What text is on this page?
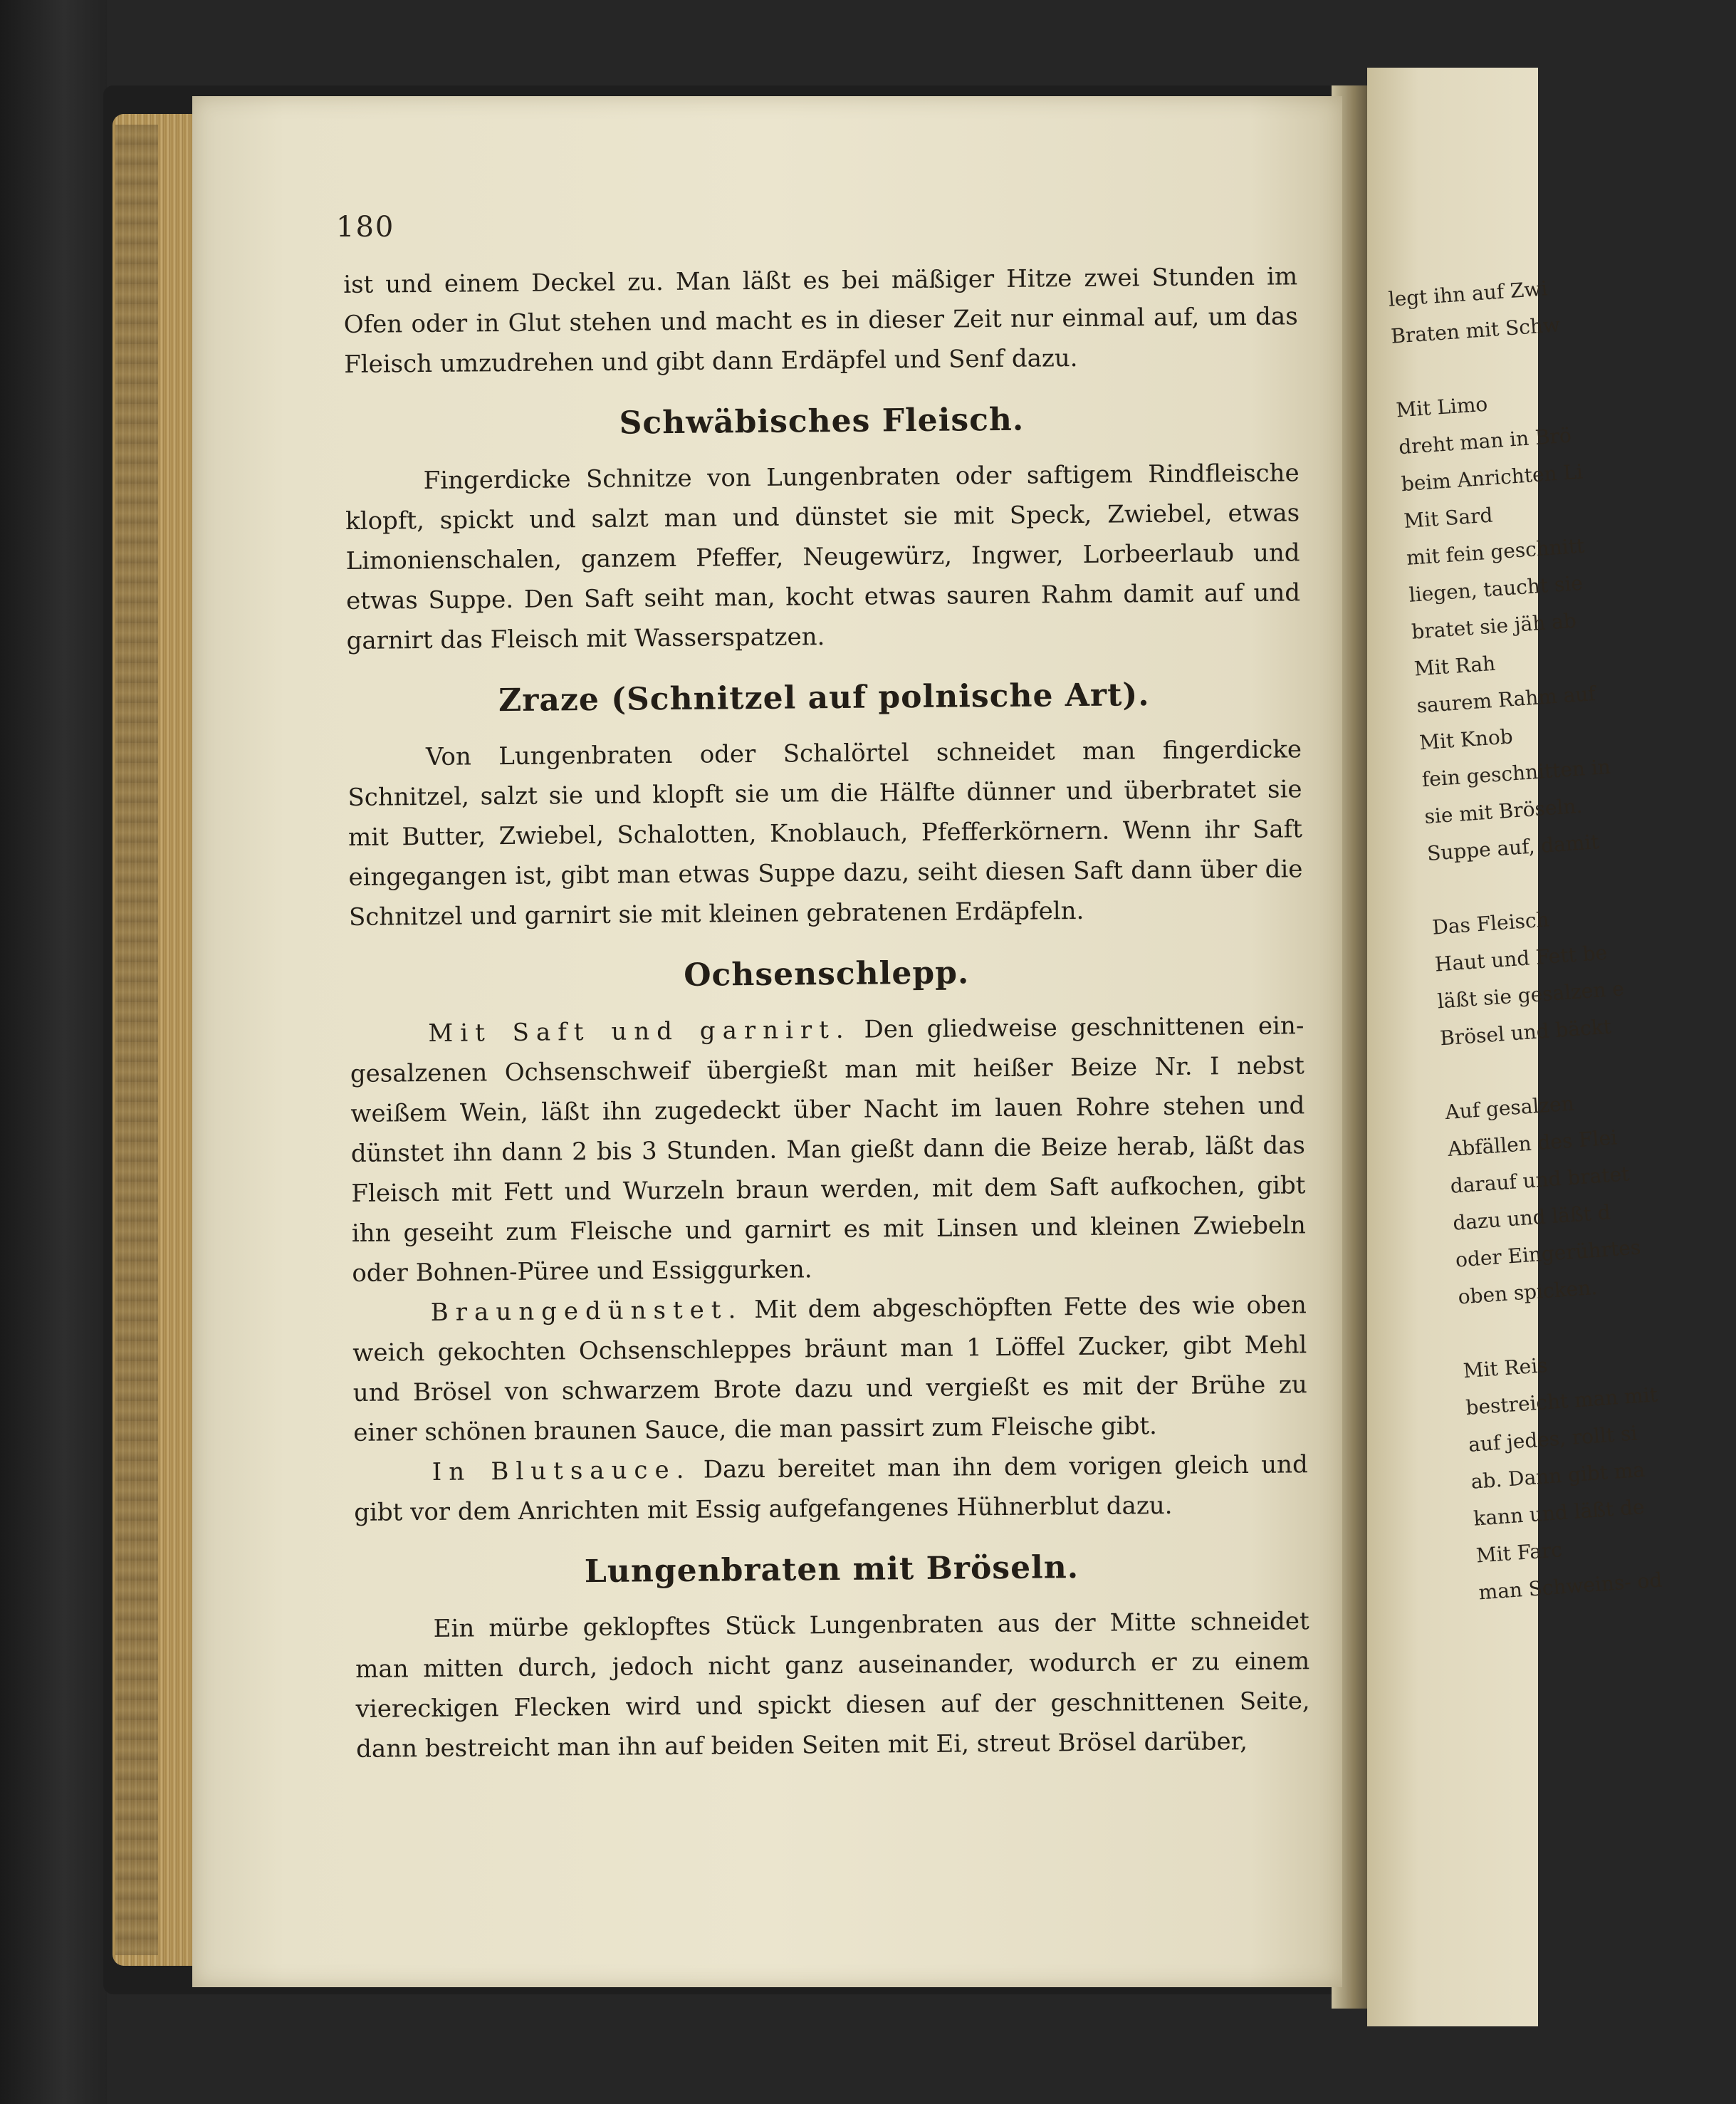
legt ihn auf Zwi
Braten mit Schw
Mit Limo
dreht man in Brö
beim Anrichten Li
Mit Sard
mit fein geschnitt
liegen, taucht sie
bratet sie jäh ab
Mit Rah
saurem Rahm auf
Mit Knob
fein geschnitten in
sie mit Bröseln.
Suppe auf, damit
Das Fleisch
Haut und Fett be
läßt sie gesalzen e
Brösel und bäckt
Auf gesalzen
Abfällen des Flei
darauf und bratet
dazu und läßt d
oder Eingerührtes
oben spicken.
Mit Reis
bestreicht man mit
auf jedes, rollt si
ab. Dann gibt ma
kann und läßt de
Mit Farc
man Schweins- od
180

ist und einem Deckel zu. Man läßt es bei mäßiger Hitze zwei Stunden im Ofen oder in Glut stehen und macht es in dieser Zeit nur einmal auf, um das Fleisch umzudrehen und gibt dann Erdäpfel und Senf dazu.

Schwäbisches Fleisch.

Fingerdicke Schnitze von Lungenbraten oder saftigem Rindfleische klopft, spickt und salzt man und dünstet sie mit Speck, Zwiebel, etwas Limonienschalen, ganzem Pfeffer, Neugewürz, Ingwer, Lorbeerlaub und etwas Suppe. Den Saft seiht man, kocht etwas sauren Rahm damit auf und garnirt das Fleisch mit Wasserspatzen.

Zraze (Schnitzel auf polnische Art).

Von Lungenbraten oder Schalörtel schneidet man fingerdicke Schnitzel, salzt sie und klopft sie um die Hälfte dünner und überbratet sie mit Butter, Zwiebel, Schalotten, Knoblauch, Pfefferkörnern. Wenn ihr Saft eingegangen ist, gibt man etwas Suppe dazu, seiht diesen Saft dann über die Schnitzel und garnirt sie mit kleinen gebratenen Erdäpfeln.

Ochsenschlepp.

Mit Saft und garnirt. Den gliedweise geschnittenen eingesalzenen Ochsenschweif übergießt man mit heißer Beize Nr. I nebst weißem Wein, läßt ihn zugedeckt über Nacht im lauen Rohre stehen und dünstet ihn dann 2 bis 3 Stunden. Man gießt dann die Beize herab, läßt das Fleisch mit Fett und Wurzeln braun werden, mit dem Saft aufkochen, gibt ihn geseiht zum Fleische und garnirt es mit Linsen und kleinen Zwiebeln oder Bohnen-Püree und Essiggurken.

Braungedünstet. Mit dem abgeschöpften Fette des wie oben weich gekochten Ochsenschleppes bräunt man 1 Löffel Zucker, gibt Mehl und Brösel von schwarzem Brote dazu und vergießt es mit der Brühe zu einer schönen braunen Sauce, die man passirt zum Fleische gibt.

In Blutsauce. Dazu bereitet man ihn dem vorigen gleich und gibt vor dem Anrichten mit Essig aufgefangenes Hühnerblut dazu.

Lungenbraten mit Bröseln.

Ein mürbe geklopftes Stück Lungenbraten aus der Mitte schneidet man mitten durch, jedoch nicht ganz auseinander, wodurch er zu einem viereckigen Flecken wird und spickt diesen auf der geschnittenen Seite, dann bestreicht man ihn auf beiden Seiten mit Ei, streut Brösel darüber,
